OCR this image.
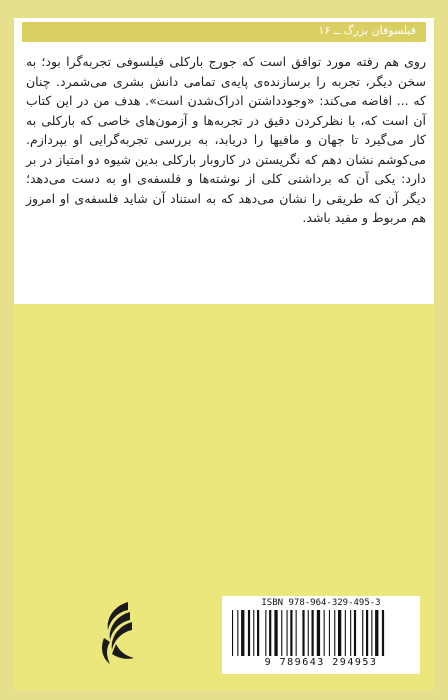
فیلسوفان بزرگ ــ ۱۶

روی هم رفته مورد توافق است که جورج بارکلی فیلسوفی تجربه‌گرا بود؛ به سخن دیگر، تجربه را برسازنده‌ی پایه‌ی تمامی دانش بشری می‌شمرد. چنان که ... افاضه می‌کند: «وجودداشتن ادراک‌شدن است». هدف من در این کتاب آن است که، با نظرکردن دقیق در تجربه‌ها و آزمون‌های خاصی که بارکلی به کار می‌گیرد تا جهان و مافیها را دریابد، به بررسی تجربه‌گرایی او بپردازم. می‌کوشم نشان دهم که نگریستن در کاروبار بارکلی بدین شیوه دو امتیاز در بر دارد: یکی آن که برداشتی کلی از نوشته‌ها و فلسفه‌ی او به دست می‌دهد؛ دیگر آن که طریقی را نشان می‌دهد که به استناد آن شاید فلسفه‌ی او امروز هم مربوط و مفید باشد.

ISBN 978-964-329-495-3
9 789643 294953
